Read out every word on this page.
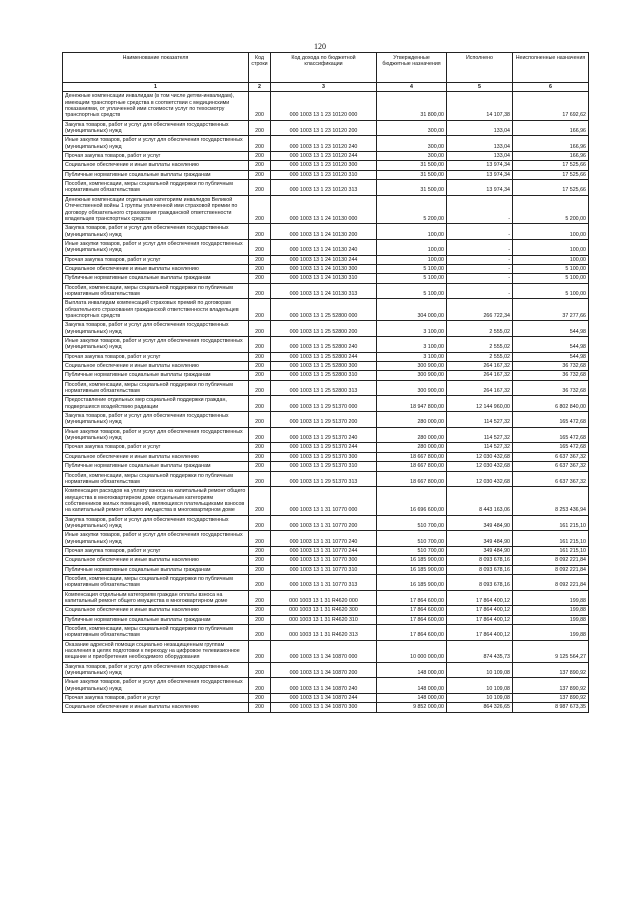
120
Наименование показателя	Код строки	Код дохода по бюджетной классификации	Утвержденные бюджетные назначения	Исполнено	Неисполненные назначения
1	2	3	4	5	6
Денежные компенсации инвалидам (в том числе детям-инвалидам), имеющим транспортные средства в соответствии с медицинскими показаниями, от уплаченной ими стоимости услуг по техосмотру транспортных средств	200	000 1003 13 1 23 10120 000	31 800,00	14 107,38	17 692,62
Закупка товаров, работ и услуг для обеспечения государственных (муниципальных) нужд	200	000 1003 13 1 23 10120 200	300,00	133,04	166,96
Иные закупки товаров, работ и услуг для обеспечения государственных (муниципальных) нужд	200	000 1003 13 1 23 10120 240	300,00	133,04	166,96
Прочая закупка товаров, работ и услуг	200	000 1003 13 1 23 10120 244	300,00	133,04	166,96
Социальное обеспечение и иные выплаты населению	200	000 1003 13 1 23 10120 300	31 500,00	13 974,34	17 525,66
Публичные нормативные социальные выплаты гражданам	200	000 1003 13 1 23 10120 310	31 500,00	13 974,34	17 525,66
Пособия, компенсации, меры социальной поддержки по публичным нормативным обязательствам	200	000 1003 13 1 23 10120 313	31 500,00	13 974,34	17 525,66
Денежные компенсации отдельным категориям инвалидов Великой Отечественной войны 1 группы уплаченной ими страховой премии по договору обязательного страхования гражданской ответственности владельцев транспортных средств	200	000 1003 13 1 24 10130 000	5 200,00	-	5 200,00
Закупка товаров, работ и услуг для обеспечения государственных (муниципальных) нужд	200	000 1003 13 1 24 10130 200	100,00	-	100,00
Иные закупки товаров, работ и услуг для обеспечения государственных (муниципальных) нужд	200	000 1003 13 1 24 10130 240	100,00	-	100,00
Прочая закупка товаров, работ и услуг	200	000 1003 13 1 24 10130 244	100,00	-	100,00
Социальное обеспечение и иные выплаты населению	200	000 1003 13 1 24 10130 300	5 100,00	-	5 100,00
Публичные нормативные социальные выплаты гражданам	200	000 1003 13 1 24 10130 310	5 100,00	-	5 100,00
Пособия, компенсации, меры социальной поддержки по публичным нормативным обязательствам	200	000 1003 13 1 24 10130 313	5 100,00	-	5 100,00
Выплата инвалидам компенсаций страховых премий по договорам обязательного страхования гражданской ответственности владельцев транспортных средств	200	000 1003 13 1 25 52800 000	304 000,00	266 722,34	37 277,66
Закупка товаров, работ и услуг для обеспечения государственных (муниципальных) нужд	200	000 1003 13 1 25 52800 200	3 100,00	2 555,02	544,98
Иные закупки товаров, работ и услуг для обеспечения государственных (муниципальных) нужд	200	000 1003 13 1 25 52800 240	3 100,00	2 555,02	544,98
Прочая закупка товаров, работ и услуг	200	000 1003 13 1 25 52800 244	3 100,00	2 555,02	544,98
Социальное обеспечение и иные выплаты населению	200	000 1003 13 1 25 52800 300	300 900,00	264 167,32	36 732,68
Публичные нормативные социальные выплаты гражданам	200	000 1003 13 1 25 52800 310	300 900,00	264 167,32	36 732,68
Пособия, компенсации, меры социальной поддержки по публичным нормативным обязательствам	200	000 1003 13 1 25 52800 313	300 900,00	264 167,32	36 732,68
Предоставление отдельных мер социальной поддержки граждан, подвергшихся воздействию радиации	200	000 1003 13 1 29 51370 000	18 947 800,00	12 144 960,00	6 802 840,00
Закупка товаров, работ и услуг для обеспечения государственных (муниципальных) нужд	200	000 1003 13 1 29 51370 200	280 000,00	114 527,32	165 472,68
Иные закупки товаров, работ и услуг для обеспечения государственных (муниципальных) нужд	200	000 1003 13 1 29 51370 240	280 000,00	114 527,32	165 472,68
Прочая закупка товаров, работ и услуг	200	000 1003 13 1 29 51370 244	280 000,00	114 527,32	165 472,68
Социальное обеспечение и иные выплаты населению	200	000 1003 13 1 29 51370 300	18 667 800,00	12 030 432,68	6 637 367,32
Публичные нормативные социальные выплаты гражданам	200	000 1003 13 1 29 51370 310	18 667 800,00	12 030 432,68	6 637 367,32
Пособия, компенсации, меры социальной поддержки по публичным нормативным обязательствам	200	000 1003 13 1 29 51370 313	18 667 800,00	12 030 432,68	6 637 367,32
Компенсация расходов на уплату взноса на капитальный ремонт общего имущества в многоквартирном доме отдельным категориям собственников жилых помещений, являющихся плательщиками взносов на капитальный ремонт общего имущества в многоквартирном доме	200	000 1003 13 1 31 10770 000	16 696 600,00	8 443 163,06	8 253 436,94
Закупка товаров, работ и услуг для обеспечения государственных (муниципальных) нужд	200	000 1003 13 1 31 10770 200	510 700,00	349 484,90	161 215,10
Иные закупки товаров, работ и услуг для обеспечения государственных (муниципальных) нужд	200	000 1003 13 1 31 10770 240	510 700,00	349 484,90	161 215,10
Прочая закупка товаров, работ и услуг	200	000 1003 13 1 31 10770 244	510 700,00	349 484,90	161 215,10
Социальное обеспечение и иные выплаты населению	200	000 1003 13 1 31 10770 300	16 185 900,00	8 093 678,16	8 092 221,84
Публичные нормативные социальные выплаты гражданам	200	000 1003 13 1 31 10770 310	16 185 900,00	8 093 678,16	8 092 221,84
Пособия, компенсации, меры социальной поддержки по публичным нормативным обязательствам	200	000 1003 13 1 31 10770 313	16 185 900,00	8 093 678,16	8 092 221,84
Компенсация отдельным категориям граждан оплаты взноса на капитальный ремонт общего имущества в многоквартирном доме	200	000 1003 13 1 31 R4620 000	17 864 600,00	17 864 400,12	199,88
Социальное обеспечение и иные выплаты населению	200	000 1003 13 1 31 R4620 300	17 864 600,00	17 864 400,12	199,88
Публичные нормативные социальные выплаты гражданам	200	000 1003 13 1 31 R4620 310	17 864 600,00	17 864 400,12	199,88
Пособия, компенсации, меры социальной поддержки по публичным нормативным обязательствам	200	000 1003 13 1 31 R4620 313	17 864 600,00	17 864 400,12	199,88
Оказание адресной помощи социально незащищенным группам населения в целях подготовки к переходу на цифровое телевизионное вещание и приобретения необходимого оборудования	200	000 1003 13 1 34 10870 000	10 000 000,00	874 435,73	9 125 564,27
Закупка товаров, работ и услуг для обеспечения государственных (муниципальных) нужд	200	000 1003 13 1 34 10870 200	148 000,00	10 109,08	137 890,92
Иные закупки товаров, работ и услуг для обеспечения государственных (муниципальных) нужд	200	000 1003 13 1 34 10870 240	148 000,00	10 109,08	137 890,92
Прочая закупка товаров, работ и услуг	200	000 1003 13 1 34 10870 244	148 000,00	10 109,08	137 890,92
Социальное обеспечение и иные выплаты населению	200	000 1003 13 1 34 10870 300	9 852 000,00	864 326,65	8 987 673,35
